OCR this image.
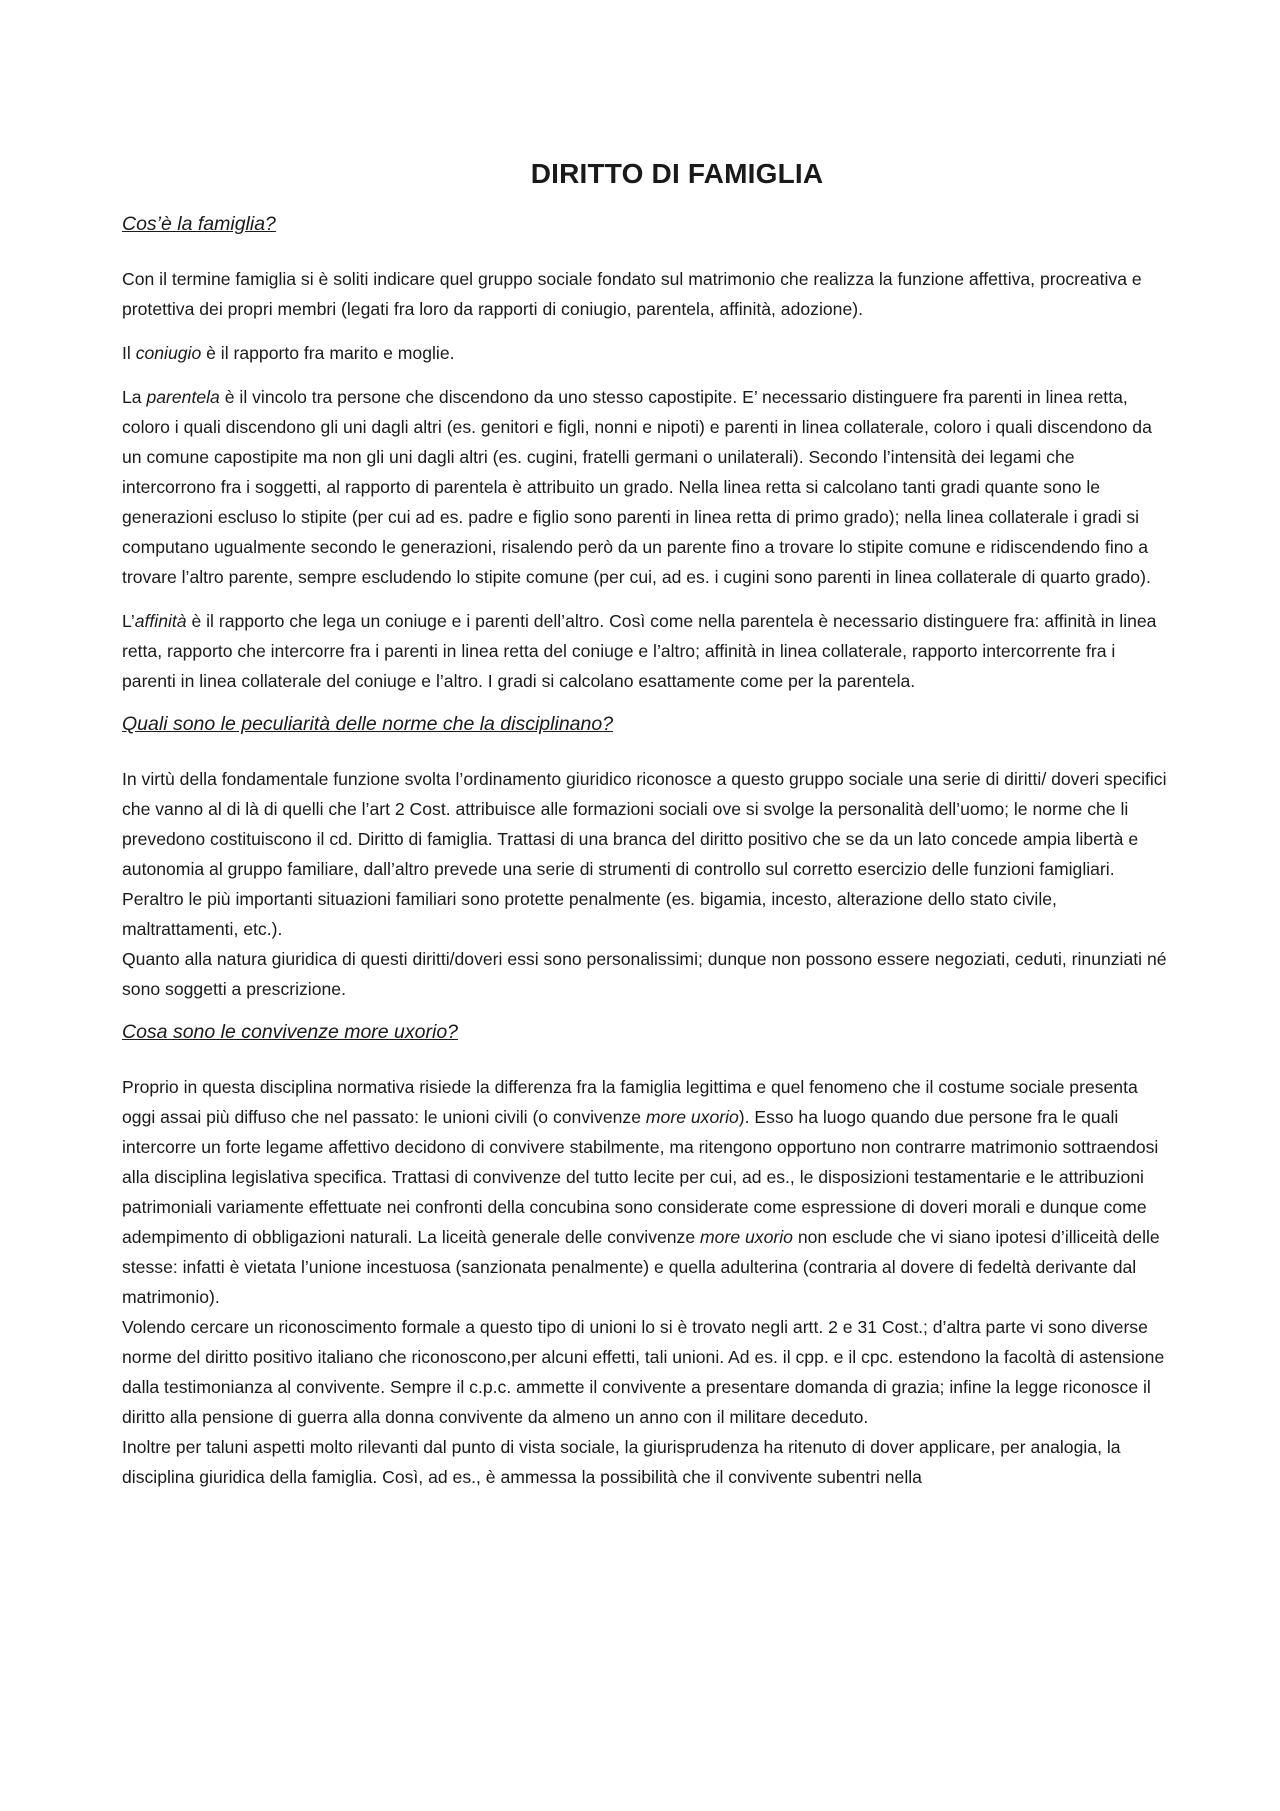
DIRITTO DI FAMIGLIA
Cos’è la famiglia?

Con il termine famiglia si è soliti indicare quel gruppo sociale fondato sul matrimonio che realizza la funzione affettiva, procreativa e protettiva dei propri membri (legati fra loro da rapporti di coniugio, parentela, affinità, adozione).

Il coniugio è il rapporto fra marito e moglie.

La parentela è il vincolo tra persone che discendono da uno stesso capostipite. E’ necessario distinguere fra parenti in linea retta, coloro i quali discendono gli uni dagli altri (es. genitori e figli, nonni e nipoti) e parenti in linea collaterale, coloro i quali discendono da un comune capostipite ma non gli uni dagli altri (es. cugini, fratelli germani o unilaterali). Secondo l’intensità dei legami che intercorrono fra i soggetti, al rapporto di parentela è attribuito un grado. Nella linea retta si calcolano tanti gradi quante sono le generazioni escluso lo stipite (per cui ad es. padre e figlio sono parenti in linea retta di primo grado); nella linea collaterale i gradi si computano ugualmente secondo le generazioni, risalendo però da un parente fino a trovare lo stipite comune e ridiscendendo fino a trovare l’altro parente, sempre escludendo lo stipite comune (per cui, ad es. i cugini sono parenti in linea collaterale di quarto grado).

L’affinità è il rapporto che lega un coniuge e i parenti dell’altro. Così come nella parentela è necessario distinguere fra: affinità in linea retta, rapporto che intercorre fra i parenti in linea retta del coniuge e l’altro; affinità in linea collaterale, rapporto intercorrente fra i parenti in linea collaterale del coniuge e l’altro. I gradi si calcolano esattamente come per la parentela.

Quali sono le peculiarità delle norme che la disciplinano?

In virtù della fondamentale funzione svolta l’ordinamento giuridico riconosce a questo gruppo sociale una serie di diritti/ doveri specifici che vanno al di là di quelli che l’art 2 Cost. attribuisce alle formazioni sociali ove si svolge la personalità dell’uomo; le norme che li prevedono costituiscono il cd. Diritto di famiglia. Trattasi di una branca del diritto positivo che se da un lato concede ampia libertà e autonomia al gruppo familiare, dall’altro prevede una serie di strumenti di controllo sul corretto esercizio delle funzioni famigliari. Peraltro le più importanti situazioni familiari sono protette penalmente (es. bigamia, incesto, alterazione dello stato civile, maltrattamenti, etc.).

Quanto alla natura giuridica di questi diritti/doveri essi sono personalissimi; dunque non possono essere negoziati, ceduti, rinunziati né sono soggetti a prescrizione.

Cosa sono le convivenze more uxorio?

Proprio in questa disciplina normativa risiede la differenza fra la famiglia legittima e quel fenomeno che il costume sociale presenta oggi assai più diffuso che nel passato: le unioni civili (o convivenze more uxorio). Esso ha luogo quando due persone fra le quali intercorre un forte legame affettivo decidono di convivere stabilmente, ma ritengono opportuno non contrarre matrimonio sottraendosi alla disciplina legislativa specifica. Trattasi di convivenze del tutto lecite per cui, ad es., le disposizioni testamentarie e le attribuzioni patrimoniali variamente effettuate nei confronti della concubina sono considerate come espressione di doveri morali e dunque come adempimento di obbligazioni naturali. La liceità generale delle convivenze more uxorio non esclude che vi siano ipotesi d’illiceità delle stesse: infatti è vietata l’unione incestuosa (sanzionata penalmente) e quella adulterina (contraria al dovere di fedeltà derivante dal matrimonio).

Volendo cercare un riconoscimento formale a questo tipo di unioni lo si è trovato negli artt. 2 e 31 Cost.; d’altra parte vi sono diverse norme del diritto positivo italiano che riconoscono,per alcuni effetti, tali unioni. Ad es. il cpp. e il cpc. estendono la facoltà di astensione dalla testimonianza al convivente. Sempre il c.p.c. ammette il convivente a presentare domanda di grazia; infine la legge riconosce il diritto alla pensione di guerra alla donna convivente da almeno un anno con il militare deceduto.

Inoltre per taluni aspetti molto rilevanti dal punto di vista sociale, la giurisprudenza ha ritenuto di dover applicare, per analogia, la disciplina giuridica della famiglia. Così, ad es., è ammessa la possibilità che il convivente subentri nella
